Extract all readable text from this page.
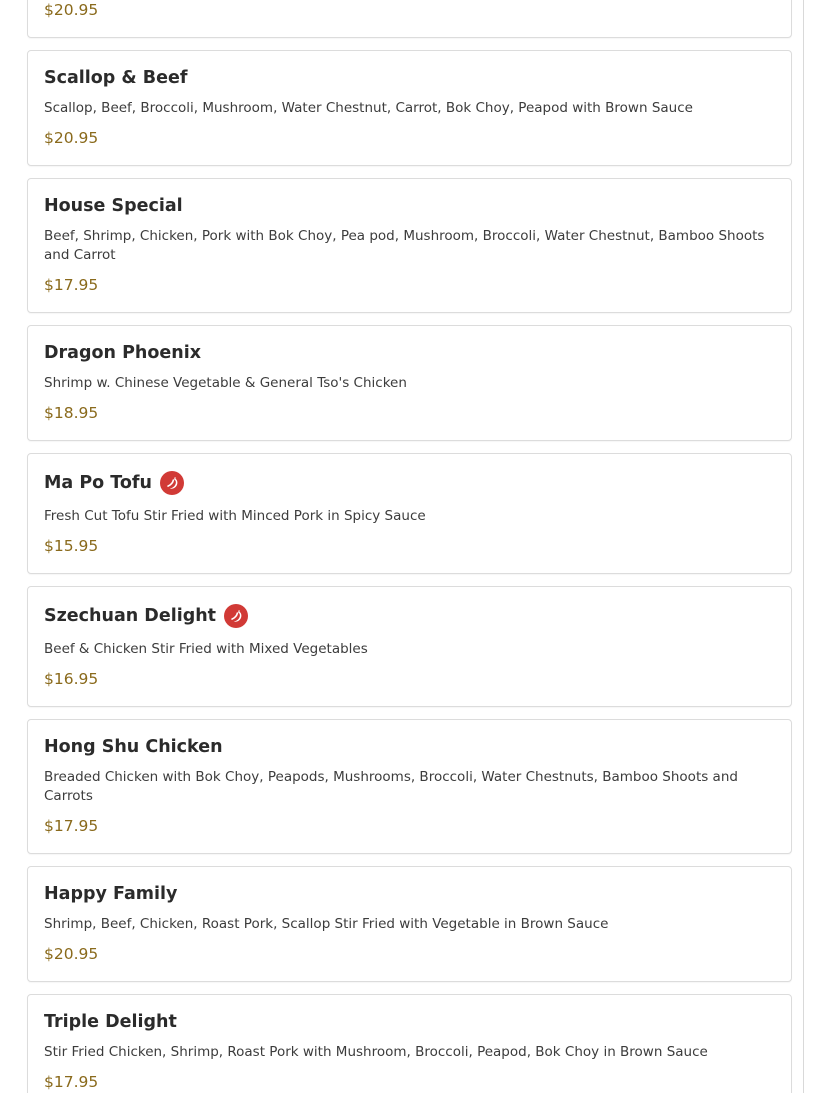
$20.95
Scallop & Beef
Scallop, Beef, Broccoli, Mushroom, Water Chestnut, Carrot, Bok Choy, Peapod with Brown Sauce
$20.95
House Special
Beef, Shrimp, Chicken, Pork with Bok Choy, Pea pod, Mushroom, Broccoli, Water Chestnut, Bamboo Shoots and Carrot
$17.95
Dragon Phoenix
Shrimp w. Chinese Vegetable & General Tso's Chicken
$18.95
Ma Po Tofu
Fresh Cut Tofu Stir Fried with Minced Pork in Spicy Sauce
$15.95
Szechuan Delight
Beef & Chicken Stir Fried with Mixed Vegetables
$16.95
Hong Shu Chicken
Breaded Chicken with Bok Choy, Peapods, Mushrooms, Broccoli, Water Chestnuts, Bamboo Shoots and Carrots
$17.95
Happy Family
Shrimp, Beef, Chicken, Roast Pork, Scallop Stir Fried with Vegetable in Brown Sauce
$20.95
Triple Delight
Stir Fried Chicken, Shrimp, Roast Pork with Mushroom, Broccoli, Peapod, Bok Choy in Brown Sauce
$17.95
